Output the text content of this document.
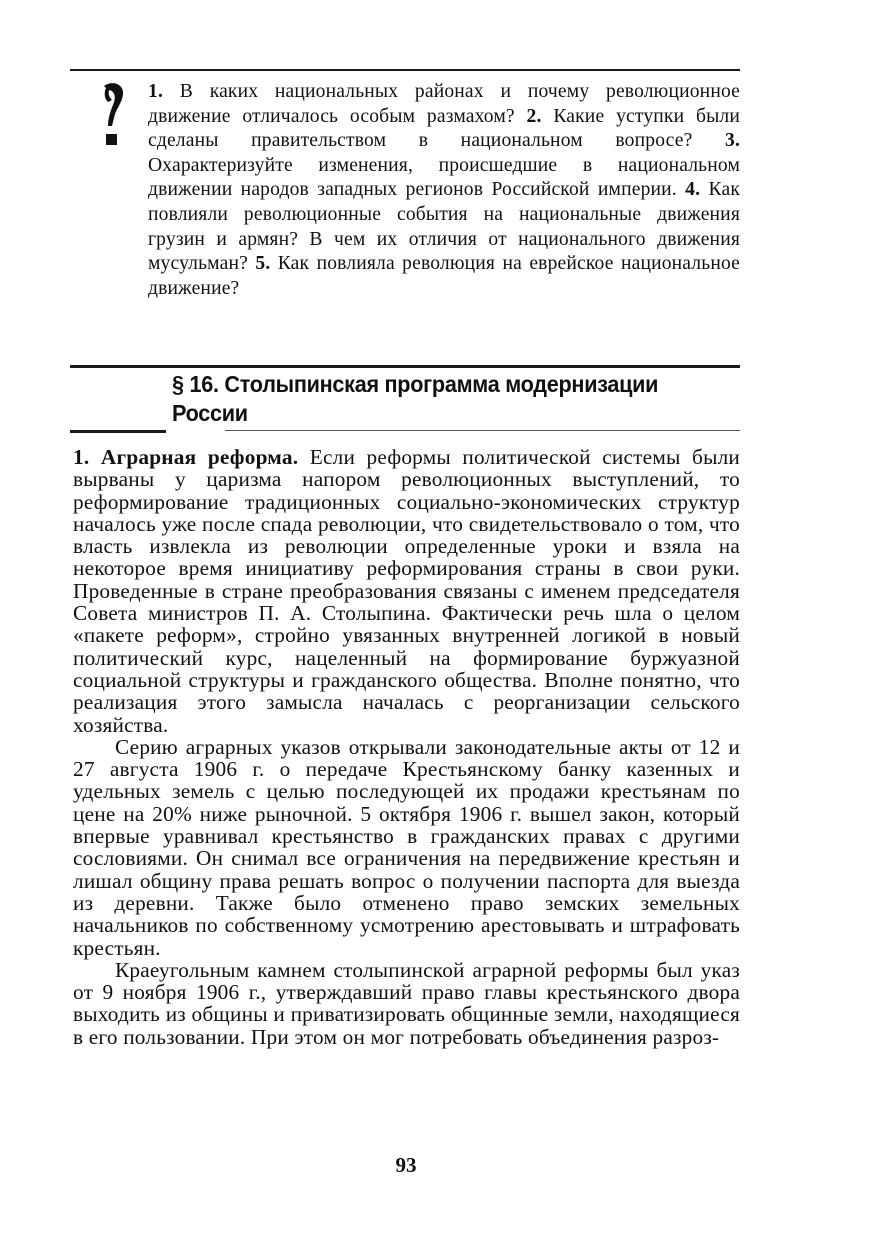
1. В каких национальных районах и почему революционное движение отличалось особым размахом? 2. Какие уступки были сделаны правительством в национальном вопросе? 3. Охарактеризуйте изменения, происшедшие в национальном движении народов западных регионов Российской империи. 4. Как повлияли революционные события на национальные движения грузин и армян? В чем их отличия от национального движения мусульман? 5. Как повлияла революция на еврейское национальное движение?
§ 16. Столыпинская программа модернизации
России

1. Аграрная реформа. Если реформы политической системы были вырваны у царизма напором революционных выступлений, то реформирование традиционных социально-экономических структур началось уже после спада революции, что свидетельствовало о том, что власть извлекла из революции определенные уроки и взяла на некоторое время инициативу реформирования страны в свои руки. Проведенные в стране преобразования связаны с именем председателя Совета министров П. А. Столыпина. Фактически речь шла о целом «пакете реформ», стройно увязанных внутренней логикой в новый политический курс, нацеленный на формирование буржуазной социальной структуры и гражданского общества. Вполне понятно, что реализация этого замысла началась с реорганизации сельского хозяйства.

Серию аграрных указов открывали законодательные акты от 12 и 27 августа 1906 г. о передаче Крестьянскому банку казенных и удельных земель с целью последующей их продажи крестьянам по цене на 20% ниже рыночной. 5 октября 1906 г. вышел закон, который впервые уравнивал крестьянство в гражданских правах с другими сословиями. Он снимал все ограничения на передвижение крестьян и лишал общину права решать вопрос о получении паспорта для выезда из деревни. Также было отменено право земских земельных начальников по собственному усмотрению арестовывать и штрафовать крестьян.

Краеугольным камнем столыпинской аграрной реформы был указ от 9 ноября 1906 г., утверждавший право главы крестьянского двора выходить из общины и приватизировать общинные земли, находящиеся в его пользовании. При этом он мог потребовать объединения разроз-

93
